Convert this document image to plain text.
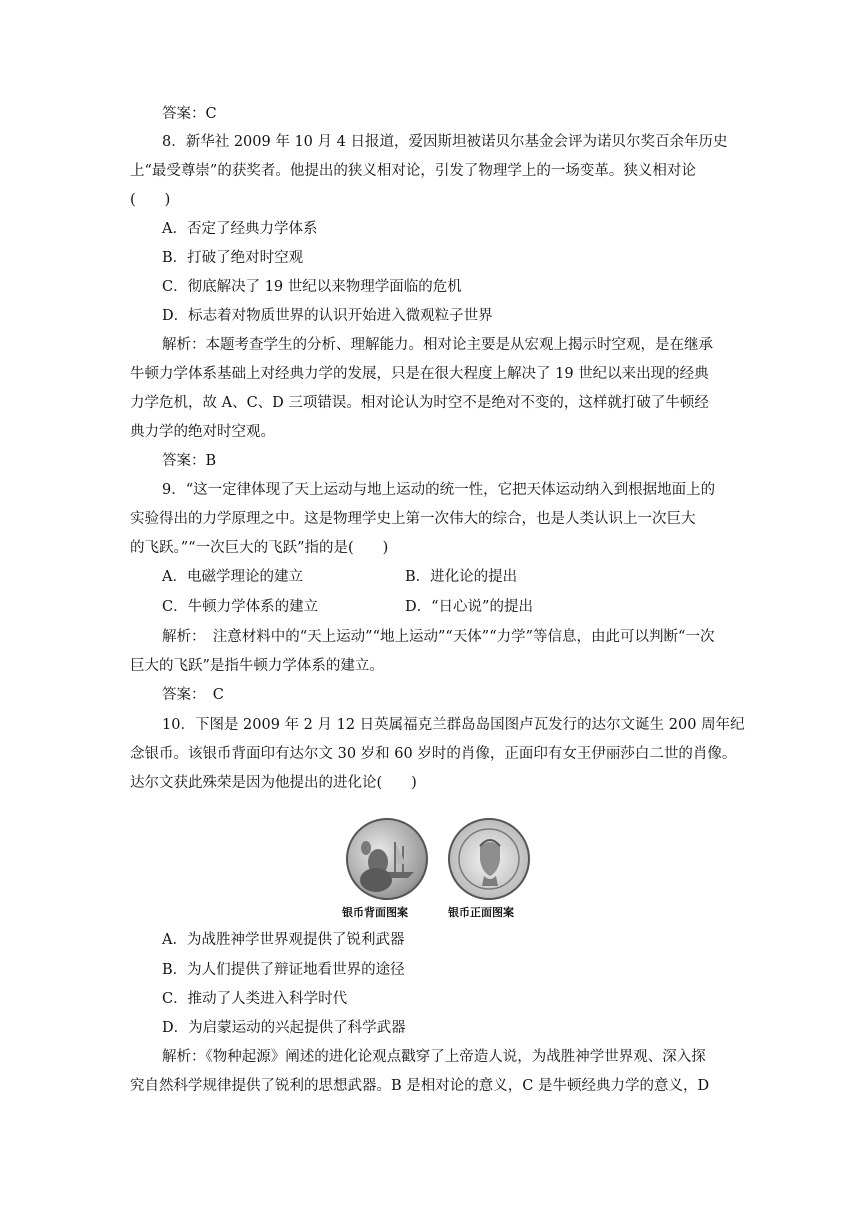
答案：C
8．新华社 2009 年 10 月 4 日报道，爱因斯坦被诺贝尔基金会评为诺贝尔奖百余年历史
上“最受尊崇”的获奖者。他提出的狭义相对论，引发了物理学上的一场变革。狭义相对论
(　　)
A．否定了经典力学体系
B．打破了绝对时空观
C．彻底解决了 19 世纪以来物理学面临的危机
D．标志着对物质世界的认识开始进入微观粒子世界
解析：本题考查学生的分析、理解能力。相对论主要是从宏观上揭示时空观，是在继承
牛顿力学体系基础上对经典力学的发展，只是在很大程度上解决了 19 世纪以来出现的经典
力学危机，故 A、C、D 三项错误。相对论认为时空不是绝对不变的，这样就打破了牛顿经
典力学的绝对时空观。
答案：B
9．“这一定律体现了天上运动与地上运动的统一性，它把天体运动纳入到根据地面上的
实验得出的力学原理之中。这是物理学史上第一次伟大的综合，也是人类认识上一次巨大
的飞跃。”“一次巨大的飞跃”指的是(　　)
A．电磁学理论的建立	B．进化论的提出
C．牛顿力学体系的建立	D．“日心说”的提出
解析：　注意材料中的“天上运动”“地上运动”“天体”“力学”等信息，由此可以判断“一次
巨大的飞跃”是指牛顿力学体系的建立。
答案：　C
10．下图是 2009 年 2 月 12 日英属福克兰群岛岛国图卢瓦发行的达尔文诞生 200 周年纪
念银币。该银币背面印有达尔文 30 岁和 60 岁时的肖像，正面印有女王伊丽莎白二世的肖像。
达尔文获此殊荣是因为他提出的进化论(　　)
银币背面图案	银币正面图案
A．为战胜神学世界观提供了锐利武器
B．为人们提供了辩证地看世界的途径
C．推动了人类进入科学时代
D．为启蒙运动的兴起提供了科学武器
解析：《物种起源》阐述的进化论观点戳穿了上帝造人说，为战胜神学世界观、深入探
究自然科学规律提供了锐利的思想武器。B 是相对论的意义，C 是牛顿经典力学的意义，D
